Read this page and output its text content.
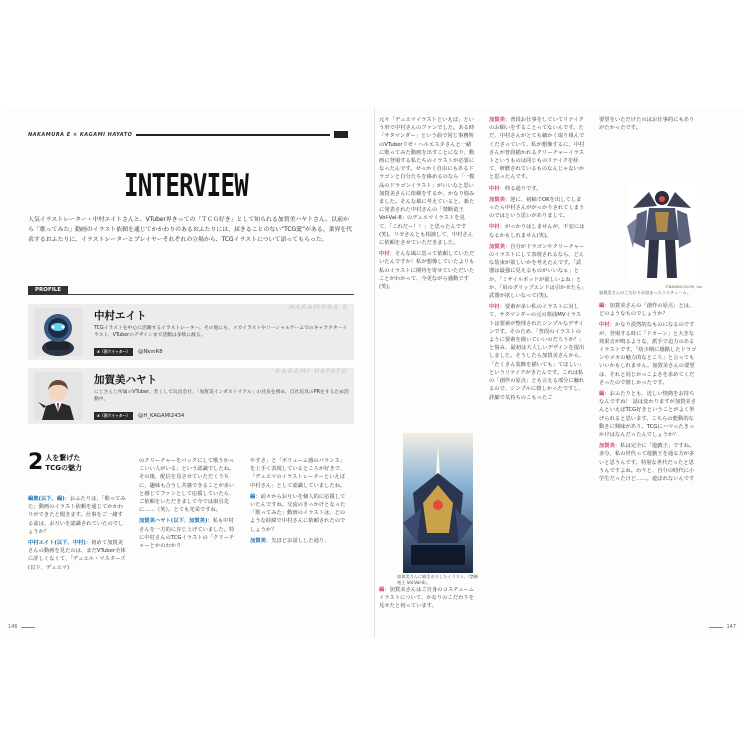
NAKAMURA E × KAGAMI HAYATO
INTERVIEW

人気イラストレーター・中村エイトさんと、VTuber界きっての「ＴＣＧ好き」として知られる加賀美ハヤトさん。以前から「歌ってみた」動画のイラスト依頼を通じてかかわりのあるおふたりには、届きることのない“TCG愛”がある。業界を代表するおふたりに、イラストレーターとプレイヤーそれぞれの立場から、TCGイラストについて語ってもらった。

PROFILE
中村エイト
NAKAMURA 8
TCGイラストを中心に活躍するイラストレーター。その他にも、メカイラストやソーシャルゲームでのキャラクターイラスト、VTuberのデザインまで活動は多岐に渡る。
X（旧ツイッター）	@NkmR8
加賀美ハヤト
KAGAMI HAYATO
にじさんじ所属のVTuber。若くして玩具会社、「加賀美インダストリアル」の社長を務め、自社玩具のPRをするため活動中。
X（旧ツイッター）	@H_KAGAMI2434
2 人を繋げた
TCGの魅力

編集(以下、編)：おふたりは、「歌ってみた」動画のイラスト依頼を通じてかかわりができたと聞きます。仕事をご一緒する前は、お互いを認識されていたのでしょうか？

中村エイト(以下、中村)：初めて加賀美さんの動画を見たのは、まだVTuber全体に詳しくなくて、「デュエル・マスターズ(以下、デュエマ)

のクリーチャーをバックにして歌うかっこいい人がいる」という認識でしたね。その後、配信を見させていただくうちに、趣味も合うし共感できることが多いと感じてファンとして応援していたら、ご依頼をいただきまして今では取引先に……（笑）。とても光栄ですね。

加賀美ハヤト(以下、加賀美)：私も中村さんを一方的に存じ上げていました。特に中村さんのTCGイラストの「クリーチャーとかのわかり

やすさ」と「ボリューム感のバランス」を上手く表現しているところが好きで、「デュエマのイラストレーターといえば中村さん」として認識していましたね。

編：前々からお互いを個人的に応援していたんですね。交流のきっかけとなった「歌ってみた」動画のイラストは、どのような経緯で中村さんに依頼されたのでしょうか？

加賀美：先ほどお話しした通り、

146

元々「デュエマイラストといえば」という形で中村さんのファンでした。ある時「サタマンダー」という曲で同じ事務所のVTuberリゼ・ヘルエスタさんと一緒に歌ってみた動画を出すことになり、動画に登場する私たちのイラストが必要になったんです。せっかく自由にもあるドラゴンと自分たちを絡めるのなら「一模品のドラゴンイラスト」がいいなと思い加賀美さんに依頼をするか、かなり悩みました。そんな風に考えていると、新たに発表された中村さんの「禁断竜王 Vol-Val-8」のデュエマイラストを見て、「これだー！！」と思ったんです(笑)。リゼさんとも相談して、中村さんに依頼をさせていただきました。

中村：そんな風に思って依頼していただいたんですか！私が想像していたよりも私のイラストに期待を寄せていただいたことがわかって、今更ながら感動です(笑)。

加賀美さんに描きおろしたイラスト。『禁断竜王 Vol-Val-8』。

編：加賀美さんはご自身のコスチュームイラストについて、かなりのこだわりを見せたと伺っています。

加賀美：普段お仕事をしていてリテイクのお願いをすることってないんです。ただ、中村さんがとても細かく取り組んでくださっていて、私が想像するに、中村さんが普段描かれるクリーチャーイラストというものは同じものリテイクを経て、研磨されているものなんじゃないかと思ったんです。

中村：仰る通りです。

加賀美：逆に、初稿でOKを出してしまったら中村さんががっかりされてしまうのではという思いがありまして。

中村：がっかりはしませんが、不安にはなるかもしれません(笑)。

加賀美：自分がドラゴンやクリーチャーのイラストにして表現されるなら、どんな装束が欲しいかを考えたんです。「武器は最強に見えるものがいいなぁ」とか、「ミサイルポッドが欲しいよね」とか、「肩のグリップエンドは引かせたら」武器が欲しいなって(笑)。

中村：要素が多い私のイラストに対して、サタマンダーの元の楽曲MVイラストは要素が整理されたシンプルなデザインです。そのため、「普段のイラストのように要素を描いていいのだろうか？」と悩み、最初は大人しいデザインを提出しました。そうしたら加賀美さんから、「たくさん装飾を描いても」てほしい」というリテイクがきたんです。これは私の「創作の原点」とも言える部分に触れるので、シンプルに嬉しかったですし、詳細で気持ちのこもったご

要望をいただけたのはお仕事的にもありがたかったです。

©BANDICOLOR, Inc.
加賀美さんのこだわりが詰まったコスチューム。

編：加賀美さんの「創作の原点」とは、どのようなものでしょうか？

中村：かなり漠然的なものになるのですが、登場する時に「ドカーン」と大きな効果音が鳴るような、派手で迫力のあるイラストです。「幼少期に感銘したドラゴンやメカの魅力的なところ」と言ってもいいかもしれません。加賀美さんの要望は、それと同じかっこよさを求めてくださったので嬉しかったです。

編：おふたりとも、近しい情熱をお持ちなんですね！ 話は変わりますが加賀美さんといえばTCG好きということがよく挙げられると思います。こちらの能動的な動きに興味があり、TCGにハマったきっかけはなんだったんでしょうか？

加賀美：私は完全に「遊戯王」ですね。多分、私の世代って遊戯王を通る方が多いと思うんです。特別な世代だったと思うんですよね。わりと、自分の時代に小学生だったけど……。遊ばれないんです

147
